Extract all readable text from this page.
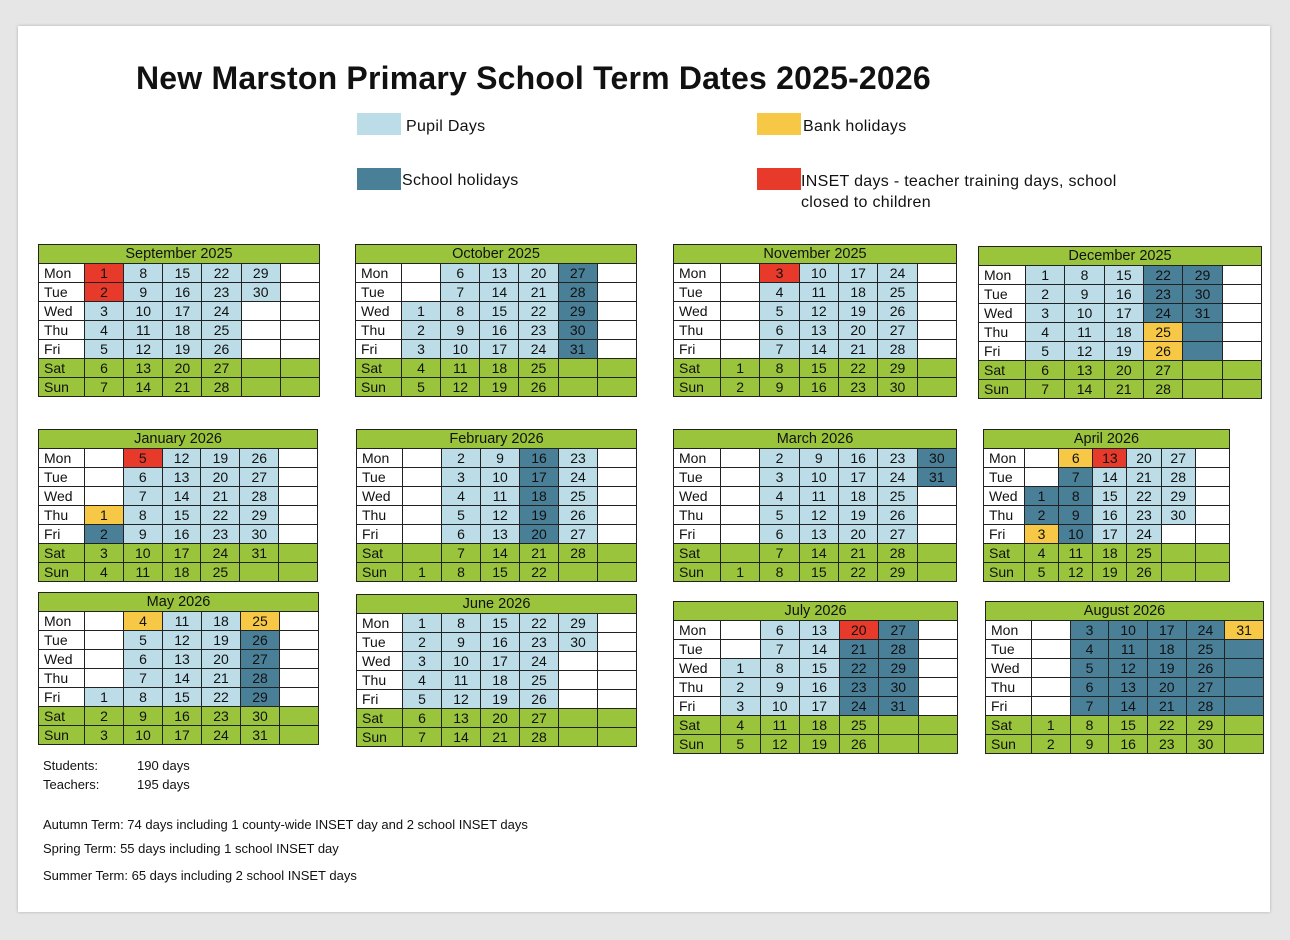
New Marston Primary School Term Dates 2025-2026
Pupil Days	Bank holidays
School holidays	INSET days - teacher training days, school closed to children
September 2025						
Mon	1	8	15	22	29	
Tue	2	9	16	23	30	
Wed	3	10	17	24		
Thu	4	11	18	25		
Fri	5	12	19	26		
Sat	6	13	20	27		
Sun	7	14	21	28		
October 2025						
Mon		6	13	20	27	
Tue		7	14	21	28	
Wed	1	8	15	22	29	
Thu	2	9	16	23	30	
Fri	3	10	17	24	31	
Sat	4	11	18	25		
Sun	5	12	19	26		
November 2025						
Mon		3	10	17	24	
Tue		4	11	18	25	
Wed		5	12	19	26	
Thu		6	13	20	27	
Fri		7	14	21	28	
Sat	1	8	15	22	29	
Sun	2	9	16	23	30	
December 2025						
Mon	1	8	15	22	29	
Tue	2	9	16	23	30	
Wed	3	10	17	24	31	
Thu	4	11	18	25		
Fri	5	12	19	26		
Sat	6	13	20	27		
Sun	7	14	21	28		
January 2026						
Mon		5	12	19	26	
Tue		6	13	20	27	
Wed		7	14	21	28	
Thu	1	8	15	22	29	
Fri	2	9	16	23	30	
Sat	3	10	17	24	31	
Sun	4	11	18	25		
February 2026						
Mon		2	9	16	23	
Tue		3	10	17	24	
Wed		4	11	18	25	
Thu		5	12	19	26	
Fri		6	13	20	27	
Sat		7	14	21	28	
Sun	1	8	15	22		
March 2026						
Mon		2	9	16	23	30
Tue		3	10	17	24	31
Wed		4	11	18	25	
Thu		5	12	19	26	
Fri		6	13	20	27	
Sat		7	14	21	28	
Sun	1	8	15	22	29	
April 2026						
Mon		6	13	20	27	
Tue		7	14	21	28	
Wed	1	8	15	22	29	
Thu	2	9	16	23	30	
Fri	3	10	17	24		
Sat	4	11	18	25		
Sun	5	12	19	26		
May 2026						
Mon		4	11	18	25	
Tue		5	12	19	26	
Wed		6	13	20	27	
Thu		7	14	21	28	
Fri	1	8	15	22	29	
Sat	2	9	16	23	30	
Sun	3	10	17	24	31	
June 2026						
Mon	1	8	15	22	29	
Tue	2	9	16	23	30	
Wed	3	10	17	24		
Thu	4	11	18	25		
Fri	5	12	19	26		
Sat	6	13	20	27		
Sun	7	14	21	28		
July 2026						
Mon		6	13	20	27	
Tue		7	14	21	28	
Wed	1	8	15	22	29	
Thu	2	9	16	23	30	
Fri	3	10	17	24	31	
Sat	4	11	18	25		
Sun	5	12	19	26		
August 2026						
Mon		3	10	17	24	31
Tue		4	11	18	25	
Wed		5	12	19	26	
Thu		6	13	20	27	
Fri		7	14	21	28	
Sat	1	8	15	22	29	
Sun	2	9	16	23	30	
Students:	190 days
Teachers:	195 days
Autumn Term: 74 days including 1 county-wide INSET day and 2 school INSET days
Spring Term: 55 days including 1 school INSET day
Summer Term: 65 days including 2 school INSET days
